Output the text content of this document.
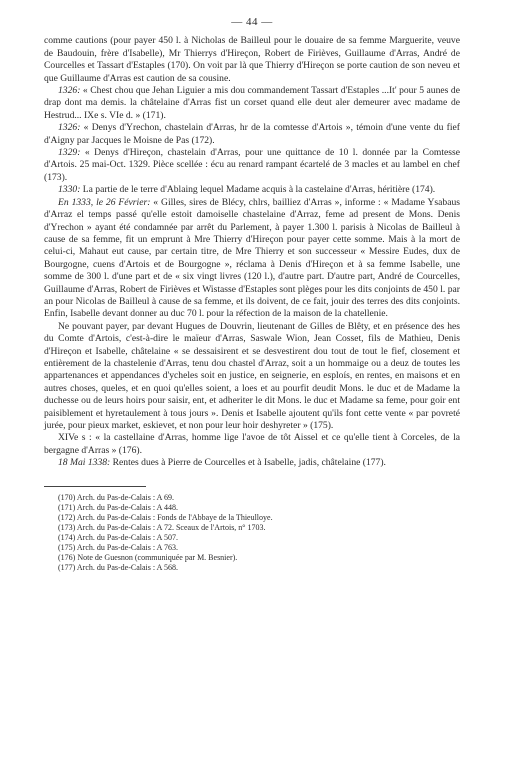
— 44 —

comme cautions (pour payer 450 l. à Nicholas de Bailleul pour le douaire de sa femme Marguerite, veuve de Baudouin, frère d'Isabelle), Mr Thierrys d'Hireçon, Robert de Firièves, Guillaume d'Arras, André de Courcelles et Tassart d'Estaples (170). On voit par là que Thierry d'Hireçon se porte caution de son neveu et que Guillaume d'Arras est caution de sa cousine.

1326: « Chest chou que Jehan Liguier a mis dou commandement Tassart d'Estaples ...It' pour 5 aunes de drap dont ma demis. la châtelaine d'Arras fist un corset quand elle deut aler demeurer avec madame de Hestrud... IXe s. VIe d. » (171).

1326: « Denys d'Yrechon, chastelain d'Arras, hr de la comtesse d'Artois », témoin d'une vente du fief d'Aigny par Jacques le Moisne de Pas (172).

1329: « Denys d'Hireçon, chastelain d'Arras, pour une quittance de 10 l. donnée par la Comtesse d'Artois. 25 mai-Oct. 1329. Pièce scellée : écu au renard rampant écartelé de 3 macles et au lambel en chef (173).

1330: La partie de le terre d'Ablaing lequel Madame acquis à la castelaine d'Arras, héritière (174).

En 1333, le 26 Février: « Gilles, sires de Blécy, chlrs, bailliez d'Arras », informe : « Madame Ysabaus d'Arraz el temps passé qu'elle estoit damoiselle chastelaine d'Arraz, feme ad present de Mons. Denis d'Yrechon » ayant été condamnée par arrêt du Parlement, à payer 1.300 l. parisis à Nicolas de Bailleul à cause de sa femme, fit un emprunt à Mre Thierry d'Hireçon pour payer cette somme. Mais à la mort de celui-ci, Mahaut eut cause, par certain titre, de Mre Thierry et son successeur « Messire Eudes, dux de Bourgogne, cuens d'Artois et de Bourgogne », réclama à Denis d'Hireçon et à sa femme Isabelle, une somme de 300 l. d'une part et de « six vingt livres (120 l.), d'autre part. D'autre part, André de Courcelles, Guillaume d'Arras, Robert de Firièves et Wistasse d'Estaples sont plèges pour les dits conjoints de 450 l. par an pour Nicolas de Bailleul à cause de sa femme, et ils doivent, de ce fait, jouir des terres des dits conjoints. Enfin, Isabelle devant donner au duc 70 l. pour la réfection de la maison de la chatellenie.

Ne pouvant payer, par devant Hugues de Douvrin, lieutenant de Gilles de Blêty, et en présence des hes du Comte d'Artois, c'est-à-dire le maïeur d'Arras, Saswale Wion, Jean Cosset, fils de Mathieu, Denis d'Hireçon et Isabelle, châtelaine « se dessaisirent et se desvestirent dou tout de tout le fief, closement et entièrement de la chastelenie d'Arras, tenu dou chastel d'Arraz, soit a un hommaige ou a deuz de toutes les appartenances et appendances d'ycheles soit en justice, en seignerie, en esploís, en rentes, en maisons et en autres choses, queles, et en quoi qu'elles soient, a loes et au pourfit deudit Mons. le duc et de Madame la duchesse ou de leurs hoirs pour saisir, ent, et adheriter le dit Mons. le duc et Madame sa feme, pour goir ent paisiblement et hyretaulement à tous jours ». Denis et Isabelle ajoutent qu'ils font cette vente « par povreté jurée, pour pieux market, eskievet, et non pour leur hoir deshyreter » (175).

XIVe s : « la castellaine d'Arras, homme lige l'avoe de tôt Aissel et ce qu'elle tient à Corceles, de la bergagne d'Arras » (176).

18 Mai 1338: Rentes dues à Pierre de Courcelles et à Isabelle, jadis, châtelaine (177).

(170) Arch. du Pas-de-Calais : A 69.

(171) Arch. du Pas-de-Calais : A 448.

(172) Arch. du Pas-de-Calais : Fonds de l'Abbaye de la Thieulloye.

(173) Arch. du Pas-de-Calais : A 72. Sceaux de l'Artois, n° 1703.

(174) Arch. du Pas-de-Calais : A 507.

(175) Arch. du Pas-de-Calais : A 763.

(176) Note de Guesnon (communiquée par M. Besnier).

(177) Arch. du Pas-de-Calais : A 568.
